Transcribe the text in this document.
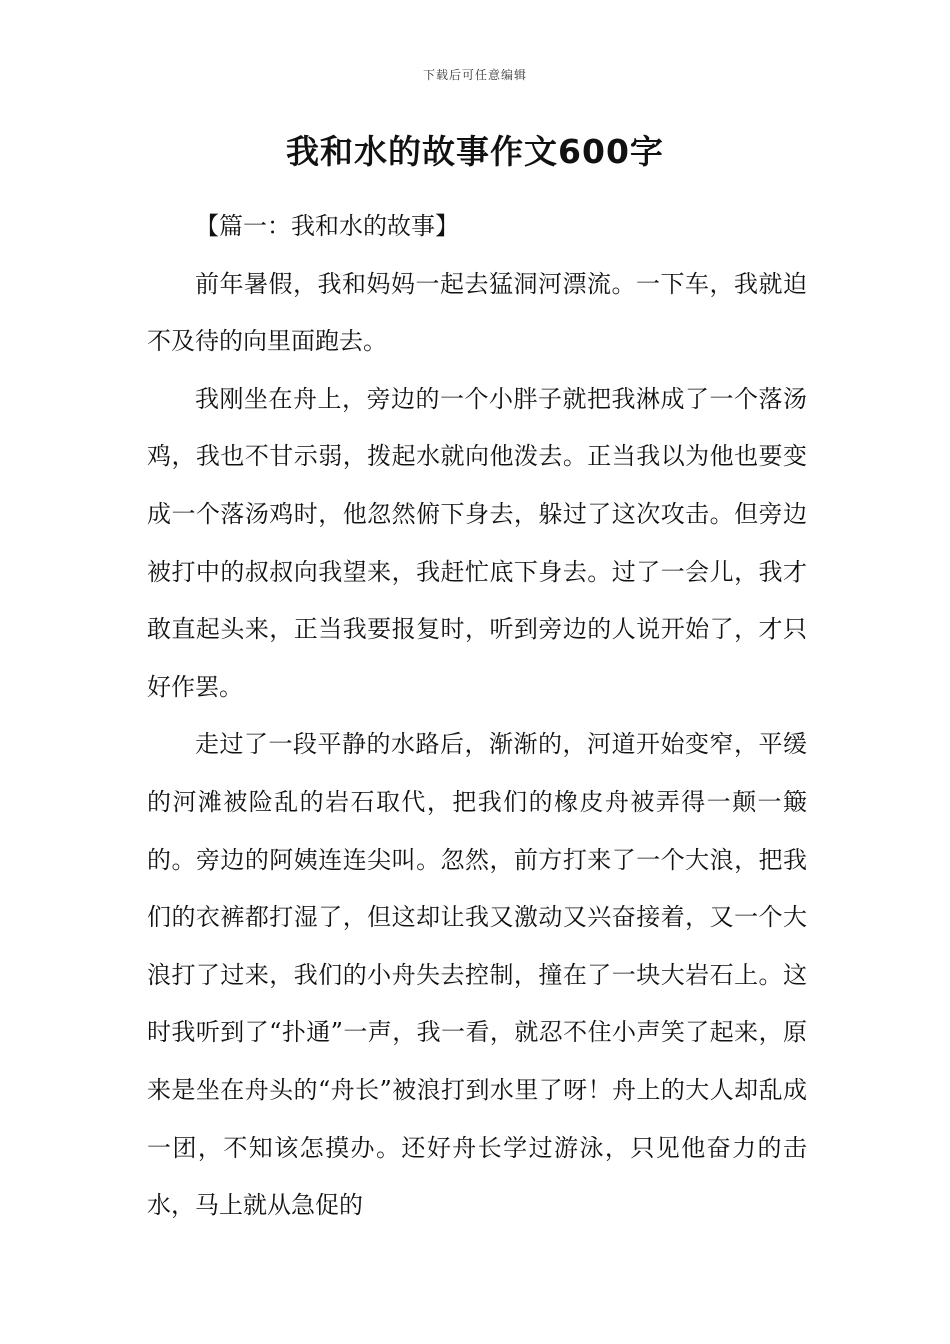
下载后可任意编辑
我和水的故事作文600字

【篇一：我和水的故事】

前年暑假，我和妈妈一起去猛洞河漂流。一下车，我就迫不及待的向里面跑去。

我刚坐在舟上，旁边的一个小胖子就把我淋成了一个落汤鸡，我也不甘示弱，拨起水就向他泼去。正当我以为他也要变成一个落汤鸡时，他忽然俯下身去，躲过了这次攻击。但旁边被打中的叔叔向我望来，我赶忙底下身去。过了一会儿，我才敢直起头来，正当我要报复时，听到旁边的人说开始了，才只好作罢。

走过了一段平静的水路后，渐渐的，河道开始变窄，平缓的河滩被险乱的岩石取代，把我们的橡皮舟被弄得一颠一簸的。旁边的阿姨连连尖叫。忽然，前方打来了一个大浪，把我们的衣裤都打湿了，但这却让我又激动又兴奋接着，又一个大浪打了过来，我们的小舟失去控制，撞在了一块大岩石上。这时我听到了“扑通”一声，我一看，就忍不住小声笑了起来，原来是坐在舟头的“舟长”被浪打到水里了呀！舟上的大人却乱成一团，不知该怎摸办。还好舟长学过游泳，只见他奋力的击水，马上就从急促的
